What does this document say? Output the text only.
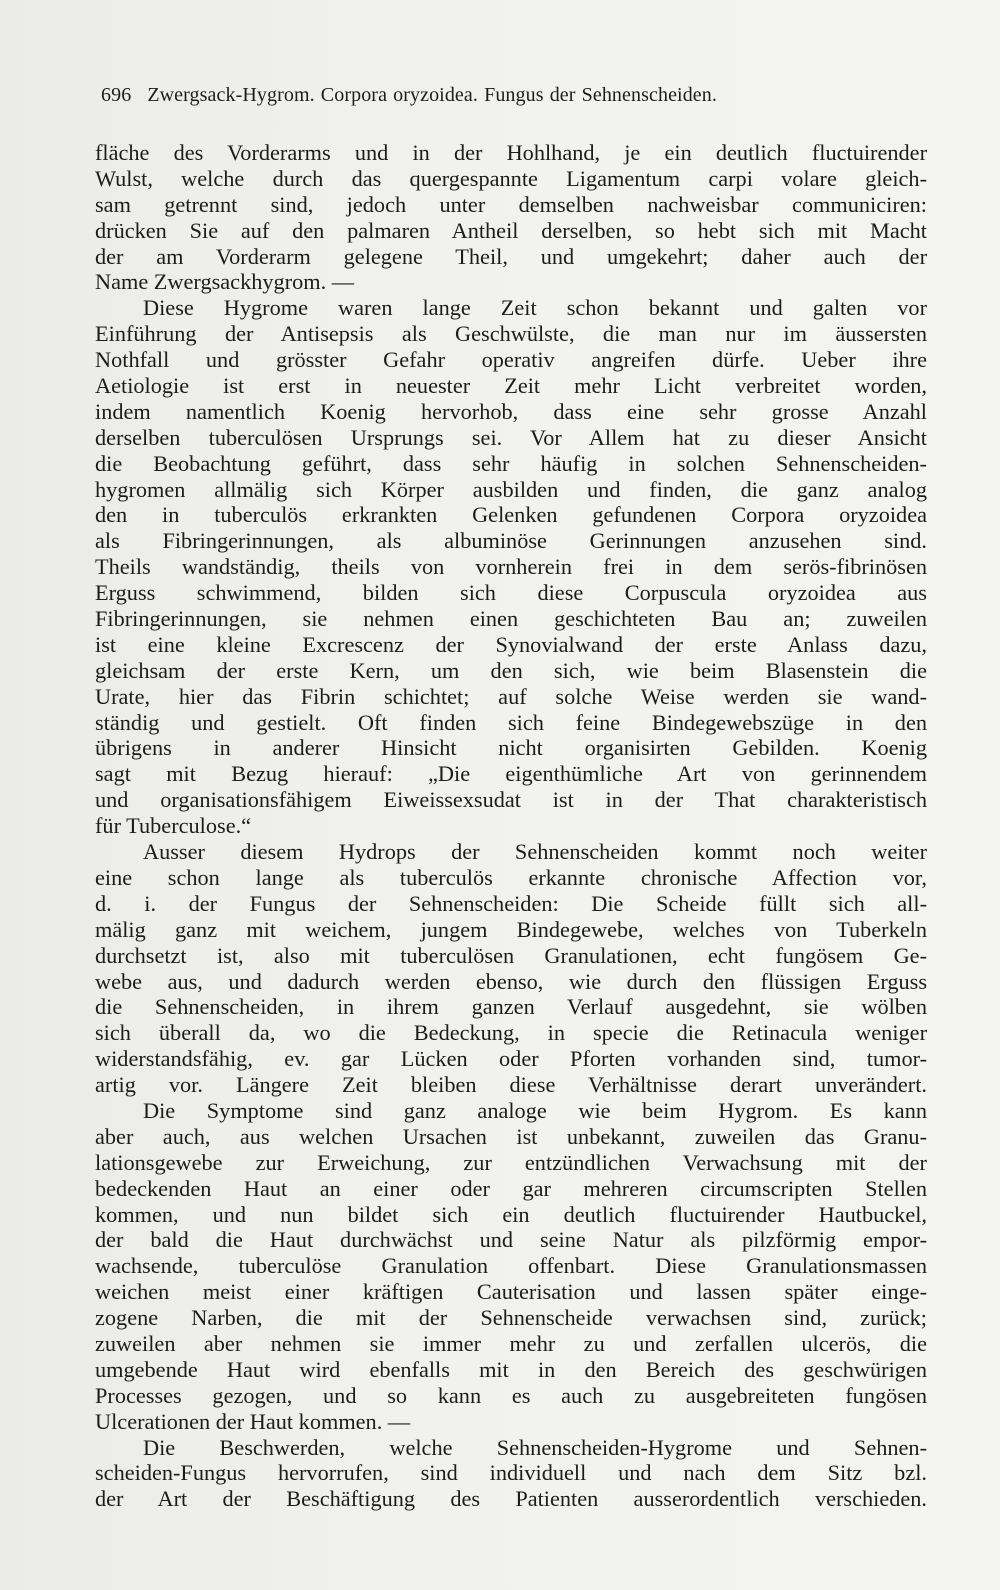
696 Zwergsack-Hygrom. Corpora oryzoidea. Fungus der Sehnenscheiden.
fläche des Vorderarms und in der Hohlhand, je ein deutlich fluctuirender
Wulst, welche durch das quergespannte Ligamentum carpi volare gleich-
sam getrennt sind, jedoch unter demselben nachweisbar communiciren:
drücken Sie auf den palmaren Antheil derselben, so hebt sich mit Macht
der am Vorderarm gelegene Theil, und umgekehrt; daher auch der
Name Zwergsackhygrom. —
Diese Hygrome waren lange Zeit schon bekannt und galten vor
Einführung der Antisepsis als Geschwülste, die man nur im äussersten
Nothfall und grösster Gefahr operativ angreifen dürfe. Ueber ihre
Aetiologie ist erst in neuester Zeit mehr Licht verbreitet worden,
indem namentlich Koenig hervorhob, dass eine sehr grosse Anzahl
derselben tuberculösen Ursprungs sei. Vor Allem hat zu dieser Ansicht
die Beobachtung geführt, dass sehr häufig in solchen Sehnenscheiden-
hygromen allmälig sich Körper ausbilden und finden, die ganz analog
den in tuberculös erkrankten Gelenken gefundenen Corpora oryzoidea
als Fibringerinnungen, als albuminöse Gerinnungen anzusehen sind.
Theils wandständig, theils von vornherein frei in dem serös-fibrinösen
Erguss schwimmend, bilden sich diese Corpuscula oryzoidea aus
Fibringerinnungen, sie nehmen einen geschichteten Bau an; zuweilen
ist eine kleine Excrescenz der Synovialwand der erste Anlass dazu,
gleichsam der erste Kern, um den sich, wie beim Blasenstein die
Urate, hier das Fibrin schichtet; auf solche Weise werden sie wand-
ständig und gestielt. Oft finden sich feine Bindegewebszüge in den
übrigens in anderer Hinsicht nicht organisirten Gebilden. Koenig
sagt mit Bezug hierauf: „Die eigenthümliche Art von gerinnendem
und organisationsfähigem Eiweissexsudat ist in der That charakteristisch
für Tuberculose.“
Ausser diesem Hydrops der Sehnenscheiden kommt noch weiter
eine schon lange als tuberculös erkannte chronische Affection vor,
d. i. der Fungus der Sehnenscheiden: Die Scheide füllt sich all-
mälig ganz mit weichem, jungem Bindegewebe, welches von Tuberkeln
durchsetzt ist, also mit tuberculösen Granulationen, echt fungösem Ge-
webe aus, und dadurch werden ebenso, wie durch den flüssigen Erguss
die Sehnenscheiden, in ihrem ganzen Verlauf ausgedehnt, sie wölben
sich überall da, wo die Bedeckung, in specie die Retinacula weniger
widerstandsfähig, ev. gar Lücken oder Pforten vorhanden sind, tumor-
artig vor. Längere Zeit bleiben diese Verhältnisse derart unverändert.
Die Symptome sind ganz analoge wie beim Hygrom. Es kann
aber auch, aus welchen Ursachen ist unbekannt, zuweilen das Granu-
lationsgewebe zur Erweichung, zur entzündlichen Verwachsung mit der
bedeckenden Haut an einer oder gar mehreren circumscripten Stellen
kommen, und nun bildet sich ein deutlich fluctuirender Hautbuckel,
der bald die Haut durchwächst und seine Natur als pilzförmig empor-
wachsende, tuberculöse Granulation offenbart. Diese Granulationsmassen
weichen meist einer kräftigen Cauterisation und lassen später einge-
zogene Narben, die mit der Sehnenscheide verwachsen sind, zurück;
zuweilen aber nehmen sie immer mehr zu und zerfallen ulcerös, die
umgebende Haut wird ebenfalls mit in den Bereich des geschwürigen
Processes gezogen, und so kann es auch zu ausgebreiteten fungösen
Ulcerationen der Haut kommen. —
Die Beschwerden, welche Sehnenscheiden-Hygrome und Sehnen-
scheiden-Fungus hervorrufen, sind individuell und nach dem Sitz bzl.
der Art der Beschäftigung des Patienten ausserordentlich verschieden.
